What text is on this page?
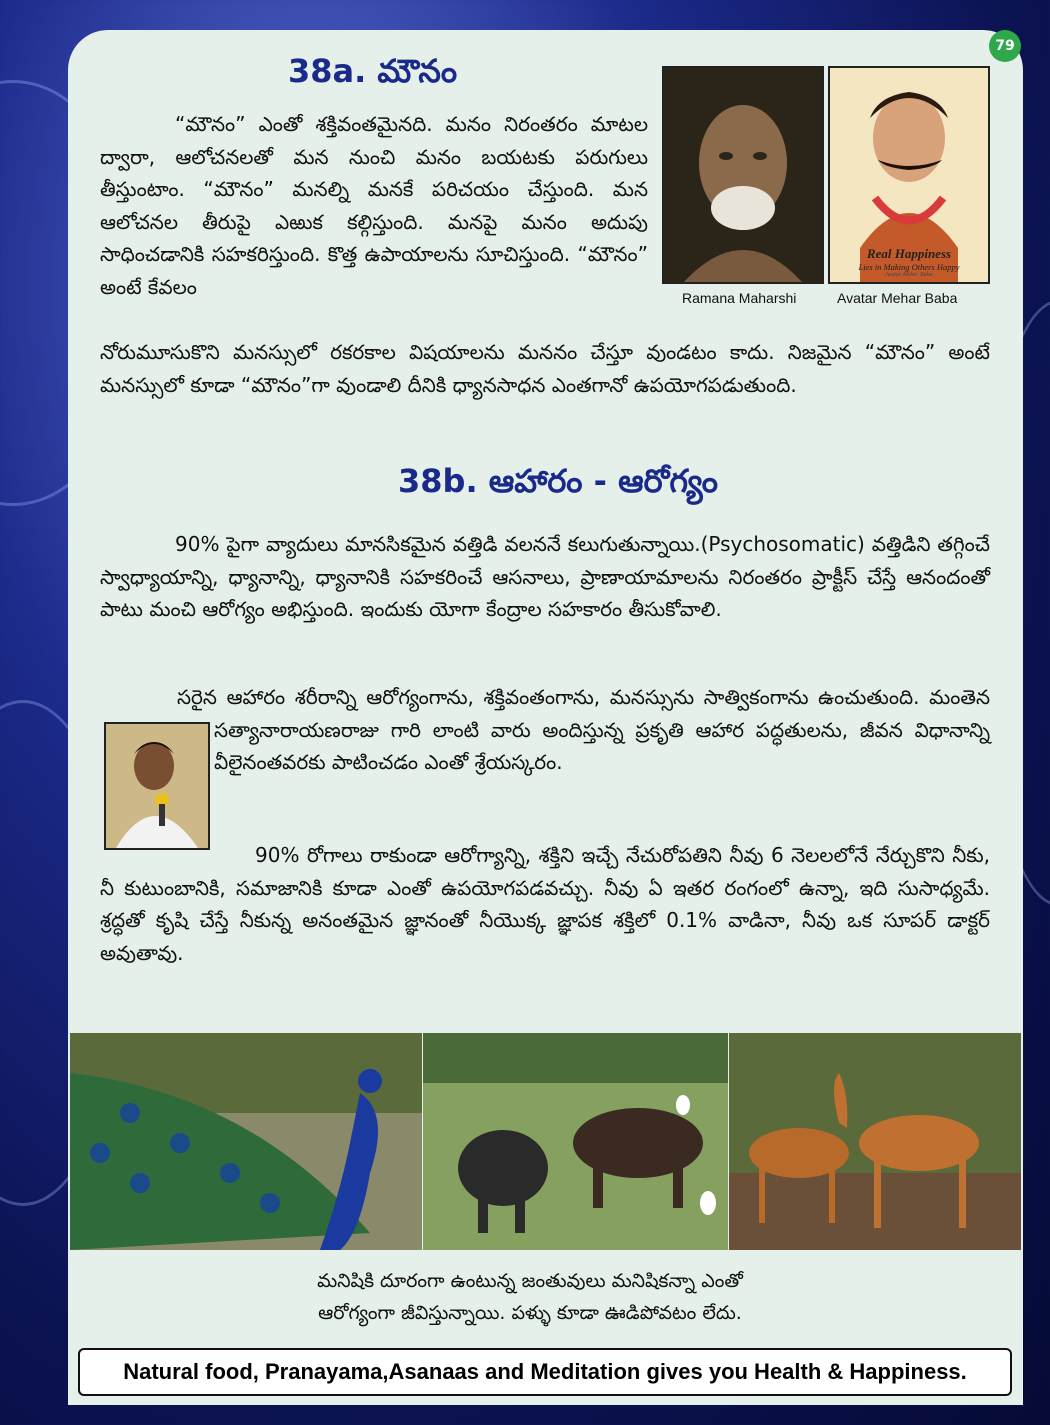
79
38a. మౌనం

“మౌనం” ఎంతో శక్తివంతమైనది. మనం నిరంతరం మాటల ద్వారా, ఆలోచనలతో మన నుంచి మనం బయటకు పరుగులు తీస్తుంటాం. “మౌనం” మనల్ని మనకే పరిచయం చేస్తుంది. మన ఆలోచనల తీరుపై ఎఱుక కల్గిస్తుంది. మనపై మనం అదుపు సాధించడానికి సహకరిస్తుంది. కొత్త ఉపాయాలను సూచిస్తుంది. “మౌనం” అంటే కేవలం

Real Happiness
Lies in Making Others Happy
Avatar Meher Baba
Ramana Maharshi	Avatar Mehar Baba

నోరుమూసుకొని మనస్సులో రకరకాల విషయాలను మననం చేస్తూ వుండటం కాదు. నిజమైన “మౌనం” అంటే మనస్సులో కూడా “మౌనం”గా వుండాలి దీనికి ధ్యానసాధన ఎంతగానో ఉపయోగపడుతుంది.

38b. ఆహారం - ఆరోగ్యం

90% పైగా వ్యాదులు మానసికమైన వత్తిడి వలననే కలుగుతున్నాయి.(Psychosomatic) వత్తిడిని తగ్గించే స్వాధ్యాయాన్ని, ధ్యానాన్ని, ధ్యానానికి సహకరించే ఆసనాలు, ప్రాణాయామాలను నిరంతరం ప్రాక్టీస్ చేస్తే ఆనందంతో పాటు మంచి ఆరోగ్యం అభిస్తుంది. ఇందుకు యోగా కేంద్రాల సహకారం తీసుకోవాలి.

సరైన ఆహారం శరీరాన్ని ఆరోగ్యంగాను, శక్తివంతంగాను, మనస్సును సాత్వికంగాను ఉంచుతుంది. మంతెన సత్యానారాయణరాజు గారి లాంటి వారు అందిస్తున్న ప్రకృతి ఆహార పద్ధతులను, జీవన విధానాన్ని వీలైనంతవరకు పాటించడం ఎంతో శ్రేయస్కరం.

90% రోగాలు రాకుండా ఆరోగ్యాన్ని, శక్తిని ఇచ్చే నేచురోపతిని నీవు 6 నెలలలోనే నేర్చుకొని నీకు, నీ కుటుంబానికి, సమాజానికి కూడా ఎంతో ఉపయోగపడవచ్చు. నీవు ఏ ఇతర రంగంలో ఉన్నా, ఇది సుసాధ్యమే. శ్రద్ధతో కృషి చేస్తే నీకున్న అనంతమైన జ్ఞానంతో నీయొక్క జ్ఞాపక శక్తిలో 0.1% వాడినా, నీవు ఒక సూపర్ డాక్టర్ అవుతావు.

మనిషికి దూరంగా ఉంటున్న జంతువులు మనిషికన్నా ఎంతో
ఆరోగ్యంగా జీవిస్తున్నాయి. పళ్ళు కూడా ఊడిపోవటం లేదు.
Natural food, Pranayama,Asanaas and Meditation gives you Health & Happiness.
